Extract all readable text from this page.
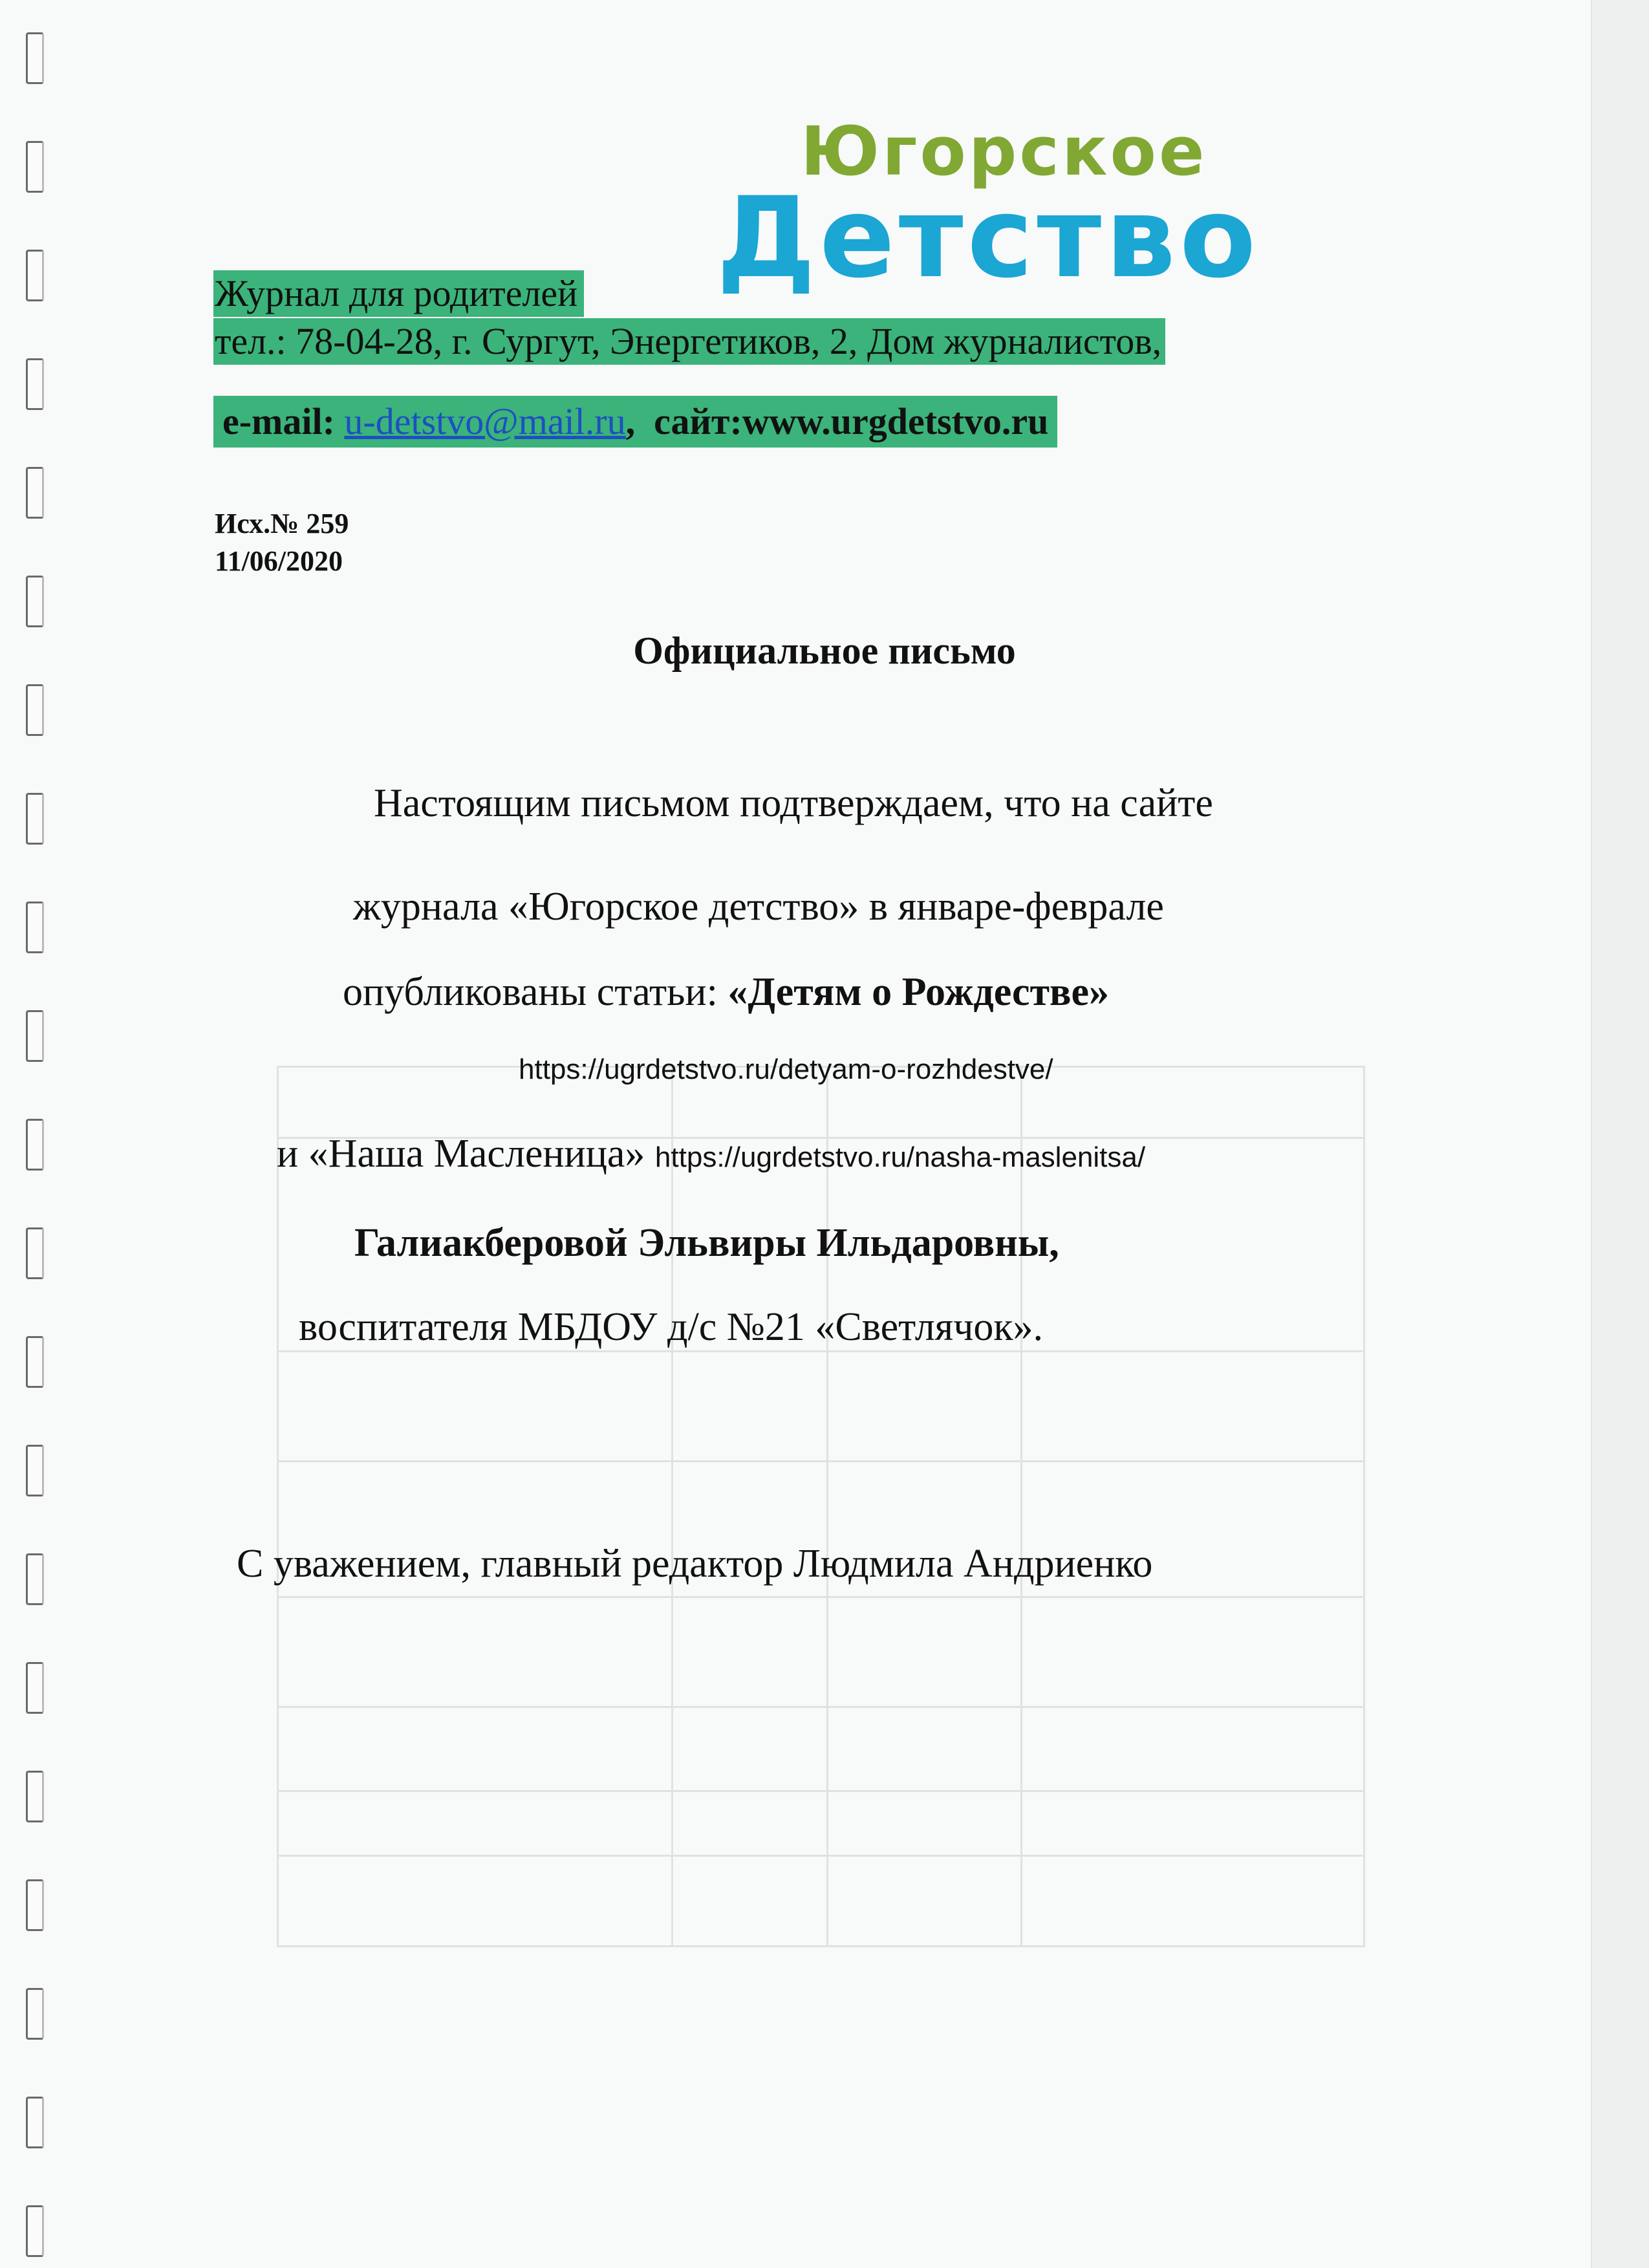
Югорское
Детство
Журнал для родителей
тел.: 78-04-28, г. Сургут, Энергетиков, 2, Дом журналистов,
e-mail: u-detstvo@mail.ru, сайт:www.urgdetstvo.ru
Исх.№ 259
11/06/2020
Официальное письмо
Настоящим письмом подтверждаем, что на сайте
журнала «Югорское детство» в январе-феврале
опубликованы статьи: «Детям о Рождестве»
https://ugrdetstvo.ru/detyam-o-rozhdestve/
и «Наша Масленица» https://ugrdetstvo.ru/nasha-maslenitsa/
Галиакберовой Эльвиры Ильдаровны,
воспитателя МБДОУ д/с №21 «Светлячок».
С уважением, главный редактор Людмила Андриенко
